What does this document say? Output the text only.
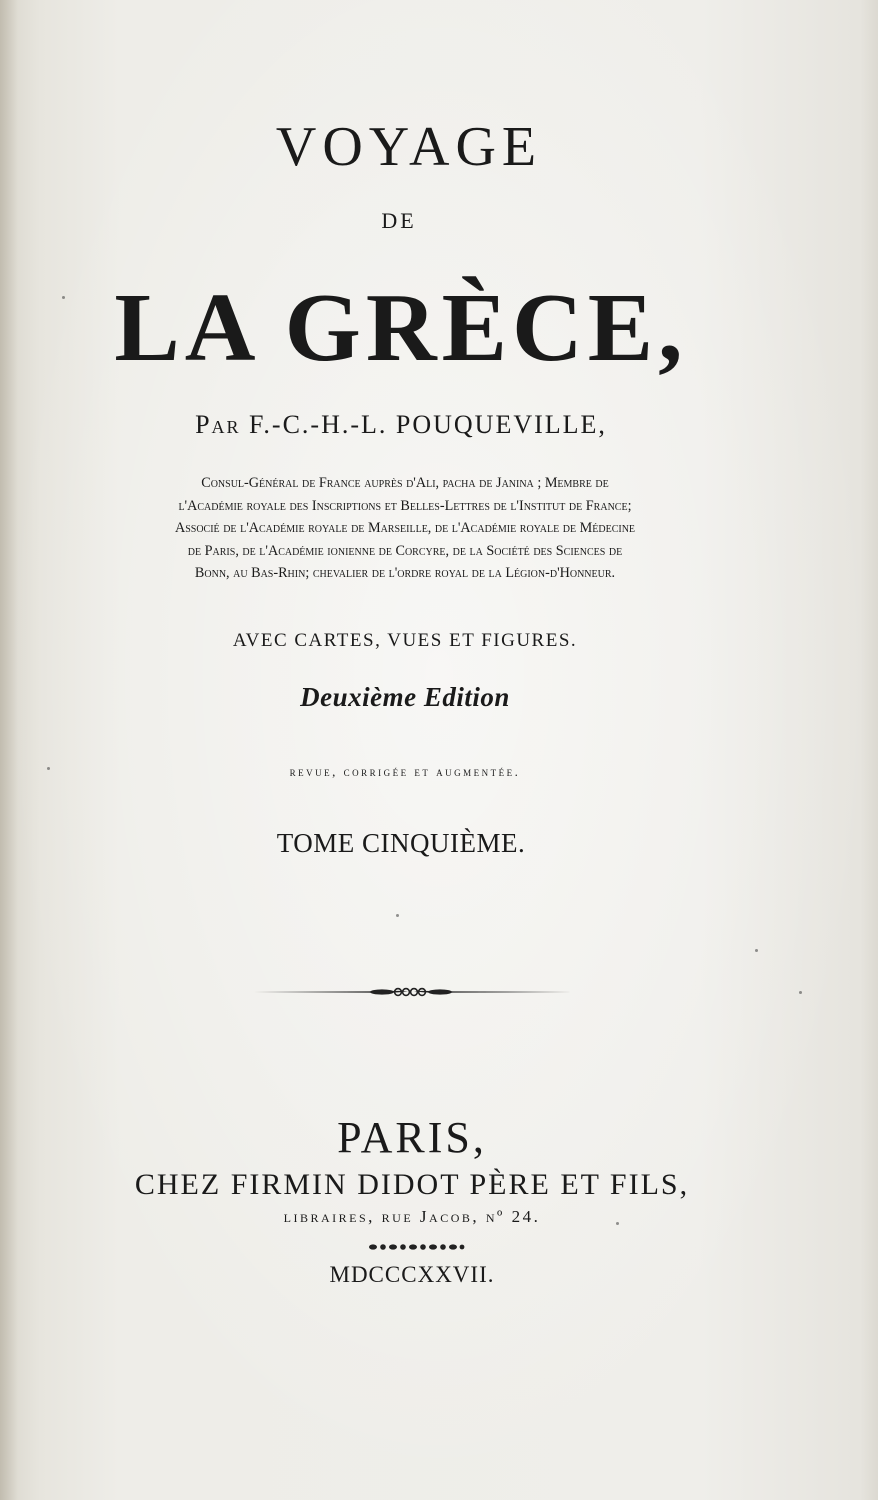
VOYAGE
DE
LA GRÈCE,
Par F.-C.-H.-L. POUQUEVILLE,
Consul-Général de France auprès d'Ali, pacha de Janina ; Membre de
l'Académie royale des Inscriptions et Belles-Lettres de l'Institut de France;
Associé de l'Académie royale de Marseille, de l'Académie royale de Médecine
de Paris, de l'Académie ionienne de Corcyre, de la Société des Sciences de
Bonn, au Bas-Rhin; chevalier de l'ordre royal de la Légion-d'Honneur.
AVEC CARTES, VUES ET FIGURES.
Deuxième Edition
revue, corrigée et augmentée.
TOME CINQUIÈME.
PARIS,
CHEZ FIRMIN DIDOT PÈRE ET FILS,
libraires, rue Jacob, nº 24.
MDCCCXXVII.
